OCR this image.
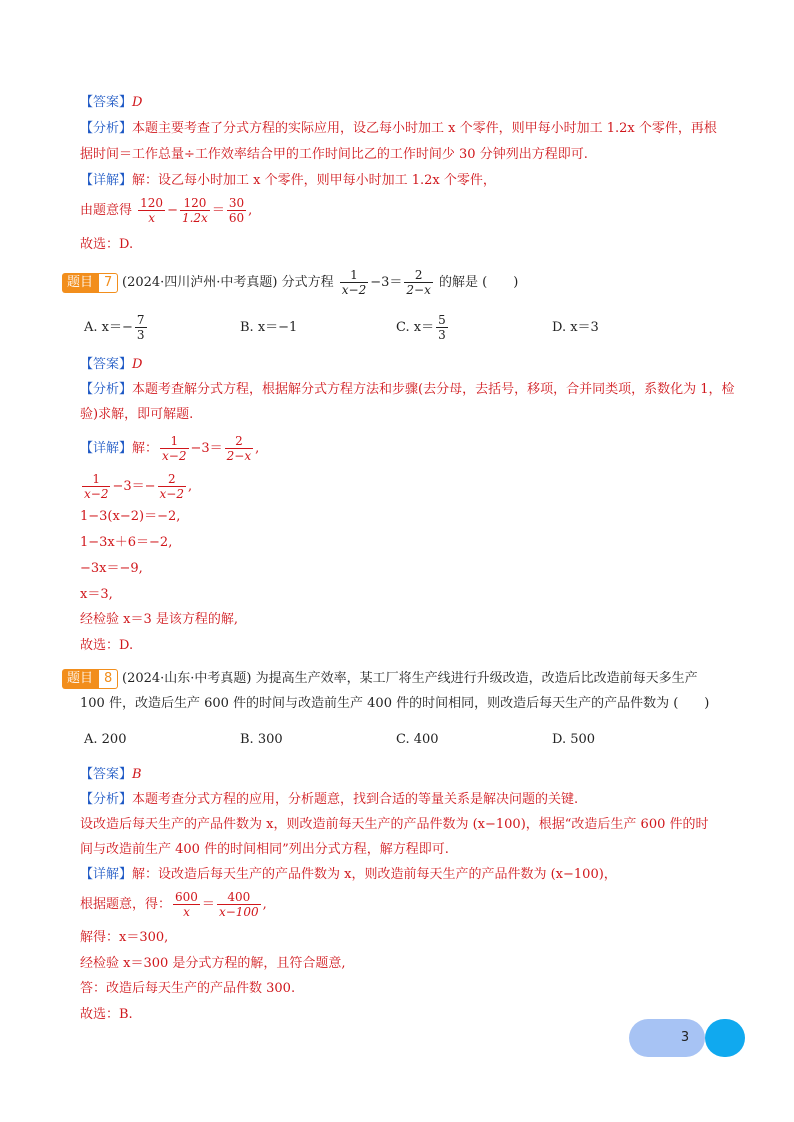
【答案】D
【分析】本题主要考查了分式方程的实际应用，设乙每小时加工 x 个零件，则甲每小时加工 1.2x 个零件，再根
据时间＝工作总量÷工作效率结合甲的工作时间比乙的工作时间少 30 分钟列出方程即可.
【详解】解：设乙每小时加工 x 个零件，则甲每小时加工 1.2x 个零件，
由题意得 $\frac{120}{x} - \frac{120}{1.2x} = \frac{30}{60}$ ,
故选：D.
题目 7 (2024·四川泸州·中考真题) 分式方程 $\frac{1}{x-2} -3= \frac{2}{2-x}$ 的解是 (　　)
A. $x=- \frac{7}{3}$	B. x＝−1	C. $x= \frac{5}{3}$	D. x＝3
【答案】D
【分析】本题考查解分式方程，根据解分式方程方法和步骤(去分母，去括号，移项，合并同类项，系数化为 1，检
验)求解，即可解题.
【详解】解： $\frac{1}{x-2} -3= \frac{2}{2-x}$ ,
$\frac{1}{x-2} -3=- \frac{2}{x-2}$ ,
1−3(x−2)＝−2,
1−3x＋6＝−2,
−3x＝−9,
x＝3,
经检验 x＝3 是该方程的解,
故选：D.
题目 8 (2024·山东·中考真题) 为提高生产效率，某工厂将生产线进行升级改造，改造后比改造前每天多生产
100 件，改造后生产 600 件的时间与改造前生产 400 件的时间相同，则改造后每天生产的产品件数为 (　　)
A. 200	B. 300	C. 400	D. 500
【答案】B
【分析】本题考查分式方程的应用，分析题意，找到合适的等量关系是解决问题的关键.
设改造后每天生产的产品件数为 x，则改造前每天生产的产品件数为 (x−100)，根据“改造后生产 600 件的时
间与改造前生产 400 件的时间相同”列出分式方程，解方程即可.
【详解】解：设改造后每天生产的产品件数为 x，则改造前每天生产的产品件数为 (x−100)，
根据题意，得： $\frac{600}{x} = \frac{400}{x-100}$ ,
解得：x＝300,
经检验 x＝300 是分式方程的解，且符合题意,
答：改造后每天生产的产品件数 300.
故选：B.
3
